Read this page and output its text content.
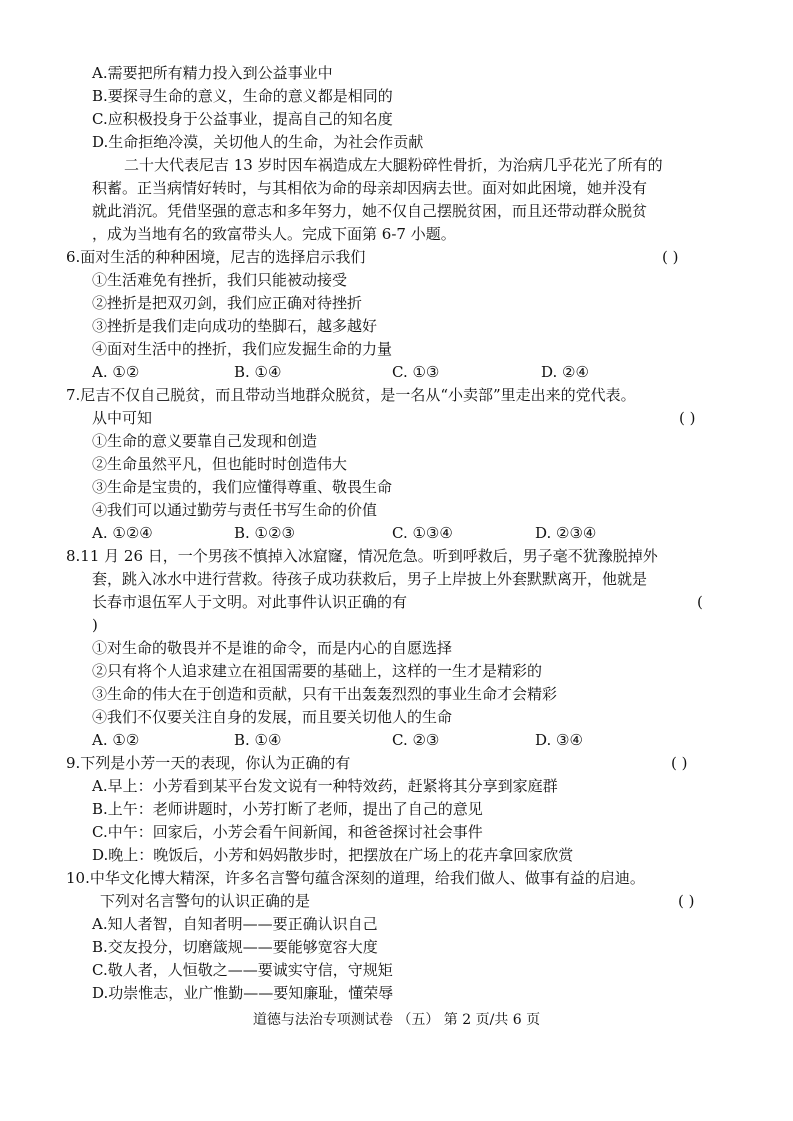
A.需要把所有精力投入到公益事业中
B.要探寻生命的意义，生命的意义都是相同的
C.应积极投身于公益事业，提高自己的知名度
D.生命拒绝冷漠，关切他人的生命，为社会作贡献
二十大代表尼吉 13 岁时因车祸造成左大腿粉碎性骨折，为治病几乎花光了所有的
积蓄。正当病情好转时，与其相依为命的母亲却因病去世。面对如此困境，她并没有
就此消沉。凭借坚强的意志和多年努力，她不仅自己摆脱贫困，而且还带动群众脱贫
，成为当地有名的致富带头人。完成下面第 6-7 小题。
6.面对生活的种种困境，尼吉的选择启示我们	( )
①生活难免有挫折，我们只能被动接受
②挫折是把双刃剑，我们应正确对待挫折
③挫折是我们走向成功的垫脚石，越多越好
④面对生活中的挫折，我们应发掘生命的力量
A. ①②	B. ①④	C. ①③	D. ②④
7.尼吉不仅自己脱贫，而且带动当地群众脱贫，是一名从“小卖部”里走出来的党代表。
从中可知	( )
①生命的意义要靠自己发现和创造
②生命虽然平凡，但也能时时创造伟大
③生命是宝贵的，我们应懂得尊重、敬畏生命
④我们可以通过勤劳与责任书写生命的价值
A. ①②④	B. ①②③	C. ①③④	D. ②③④
8.11 月 26 日，一个男孩不慎掉入冰窟窿，情况危急。听到呼救后，男子毫不犹豫脱掉外
套，跳入冰水中进行营救。待孩子成功获救后，男子上岸披上外套默默离开，他就是
长春市退伍军人于文明。对此事件认识正确的有	(
)
①对生命的敬畏并不是谁的命令，而是内心的自愿选择
②只有将个人追求建立在祖国需要的基础上，这样的一生才是精彩的
③生命的伟大在于创造和贡献，只有干出轰轰烈烈的事业生命才会精彩
④我们不仅要关注自身的发展，而且要关切他人的生命
A. ①②	B. ①④	C. ②③	D. ③④
9.下列是小芳一天的表现，你认为正确的有	( )
A.早上：小芳看到某平台发文说有一种特效药，赶紧将其分享到家庭群
B.上午：老师讲题时，小芳打断了老师，提出了自己的意见
C.中午：回家后，小芳会看午间新闻，和爸爸探讨社会事件
D.晚上：晚饭后，小芳和妈妈散步时，把摆放在广场上的花卉拿回家欣赏
10.中华文化博大精深，许多名言警句蕴含深刻的道理，给我们做人、做事有益的启迪。
下列对名言警句的认识正确的是	( )
A.知人者智，自知者明——要正确认识自己
B.交友投分，切磨箴规——要能够宽容大度
C.敬人者，人恒敬之——要诚实守信，守规矩
D.功崇惟志，业广惟勤——要知廉耻，懂荣辱
道德与法治专项测试卷 （五） 第 2 页/共 6 页
